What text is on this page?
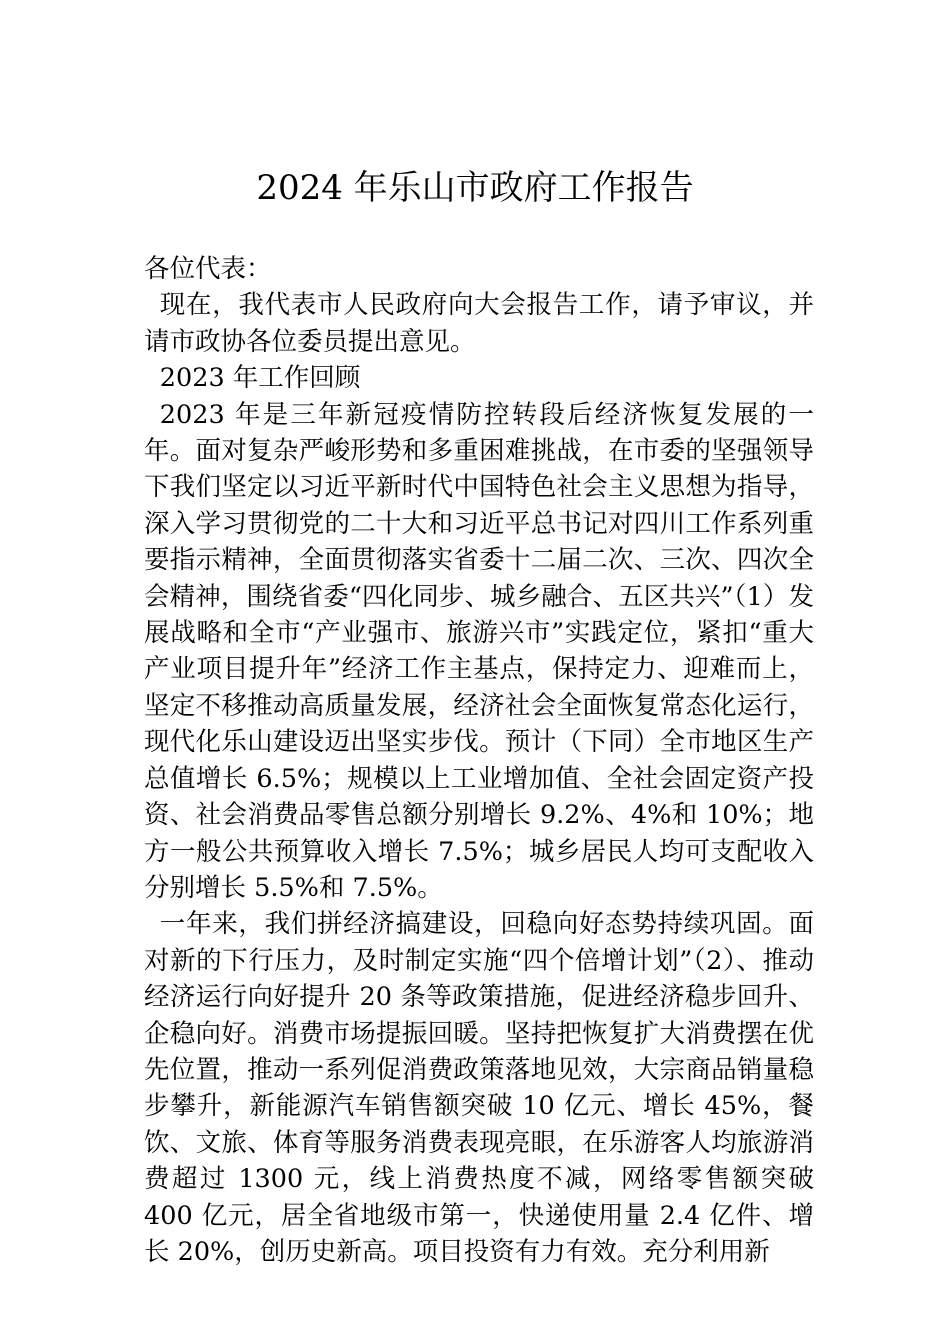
2024 年乐山市政府工作报告

各位代表：

现在，我代表市人民政府向大会报告工作，请予审议，并请市政协各位委员提出意见。

2023 年工作回顾

2023 年是三年新冠疫情防控转段后经济恢复发展的一年。面对复杂严峻形势和多重困难挑战，在市委的坚强领导下我们坚定以习近平新时代中国特色社会主义思想为指导，深入学习贯彻党的二十大和习近平总书记对四川工作系列重要指示精神，全面贯彻落实省委十二届二次、三次、四次全会精神，围绕省委“四化同步、城乡融合、五区共兴”（1）发展战略和全市“产业强市、旅游兴市”实践定位，紧扣“重大产业项目提升年”经济工作主基点，保持定力、迎难而上，坚定不移推动高质量发展，经济社会全面恢复常态化运行，现代化乐山建设迈出坚实步伐。预计（下同）全市地区生产总值增长 6.5%；规模以上工业增加值、全社会固定资产投资、社会消费品零售总额分别增长 9.2%、4%和 10%；地方一般公共预算收入增长 7.5%；城乡居民人均可支配收入分别增长 5.5%和 7.5%。

一年来，我们拼经济搞建设，回稳向好态势持续巩固。面对新的下行压力，及时制定实施“四个倍增计划”（2）、推动经济运行向好提升 20 条等政策措施，促进经济稳步回升、企稳向好。消费市场提振回暖。坚持把恢复扩大消费摆在优先位置，推动一系列促消费政策落地见效，大宗商品销量稳步攀升，新能源汽车销售额突破 10 亿元、增长 45%，餐饮、文旅、体育等服务消费表现亮眼，在乐游客人均旅游消费超过 1300 元，线上消费热度不减，网络零售额突破 400 亿元，居全省地级市第一，快递使用量 2.4 亿件、增长 20%，创历史新高。项目投资有力有效。充分利用新
